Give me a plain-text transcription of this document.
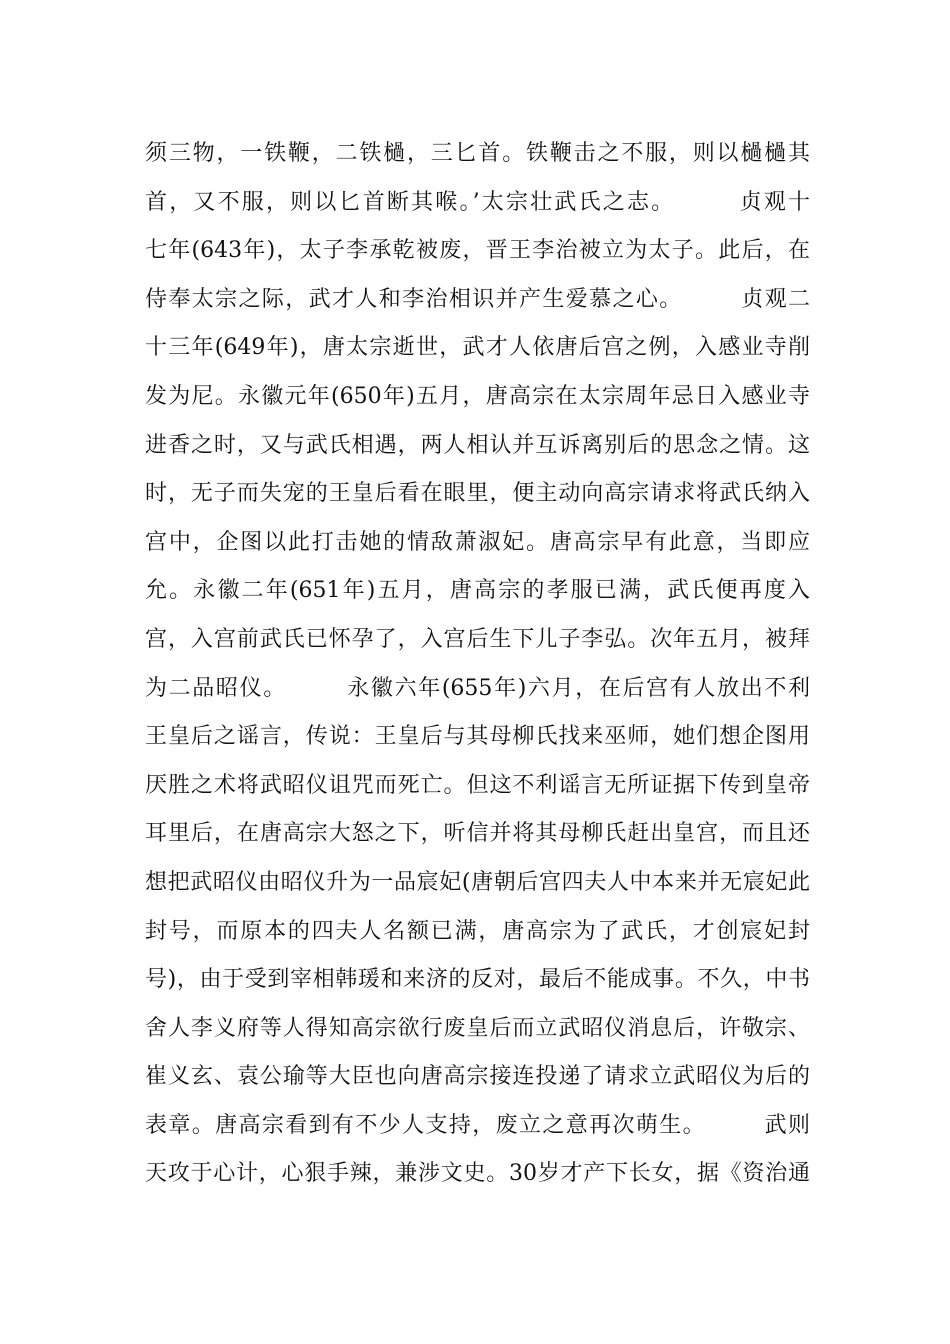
须三物，一铁鞭，二铁檛，三匕首。铁鞭击之不服，则以檛檛其
首，又不服，则以匕首断其喉。’太宗壮武氏之志。       贞观十
七年(643年)，太子李承乾被废，晋王李治被立为太子。此后，在
侍奉太宗之际，武才人和李治相识并产生爱慕之心。       贞观二
十三年(649年)，唐太宗逝世，武才人依唐后宫之例，入感业寺削
发为尼。永徽元年(650年)五月，唐高宗在太宗周年忌日入感业寺
进香之时，又与武氏相遇，两人相认并互诉离别后的思念之情。这
时，无子而失宠的王皇后看在眼里，便主动向高宗请求将武氏纳入
宫中，企图以此打击她的情敌萧淑妃。唐高宗早有此意，当即应
允。永徽二年(651年)五月，唐高宗的孝服已满，武氏便再度入
宫，入宫前武氏已怀孕了，入宫后生下儿子李弘。次年五月，被拜
为二品昭仪。       永徽六年(655年)六月，在后宫有人放出不利
王皇后之谣言，传说：王皇后与其母柳氏找来巫师，她们想企图用
厌胜之术将武昭仪诅咒而死亡。但这不利谣言无所证据下传到皇帝
耳里后，在唐高宗大怒之下，听信并将其母柳氏赶出皇宫，而且还
想把武昭仪由昭仪升为一品宸妃(唐朝后宫四夫人中本来并无宸妃此
封号，而原本的四夫人名额已满，唐高宗为了武氏，才创宸妃封
号)，由于受到宰相韩瑗和来济的反对，最后不能成事。不久，中书
舍人李义府等人得知高宗欲行废皇后而立武昭仪消息后，许敬宗、
崔义玄、袁公瑜等大臣也向唐高宗接连投递了请求立武昭仪为后的
表章。唐高宗看到有不少人支持，废立之意再次萌生。       武则
天攻于心计，心狠手辣，兼涉文史。30岁才产下长女，据《资治通
